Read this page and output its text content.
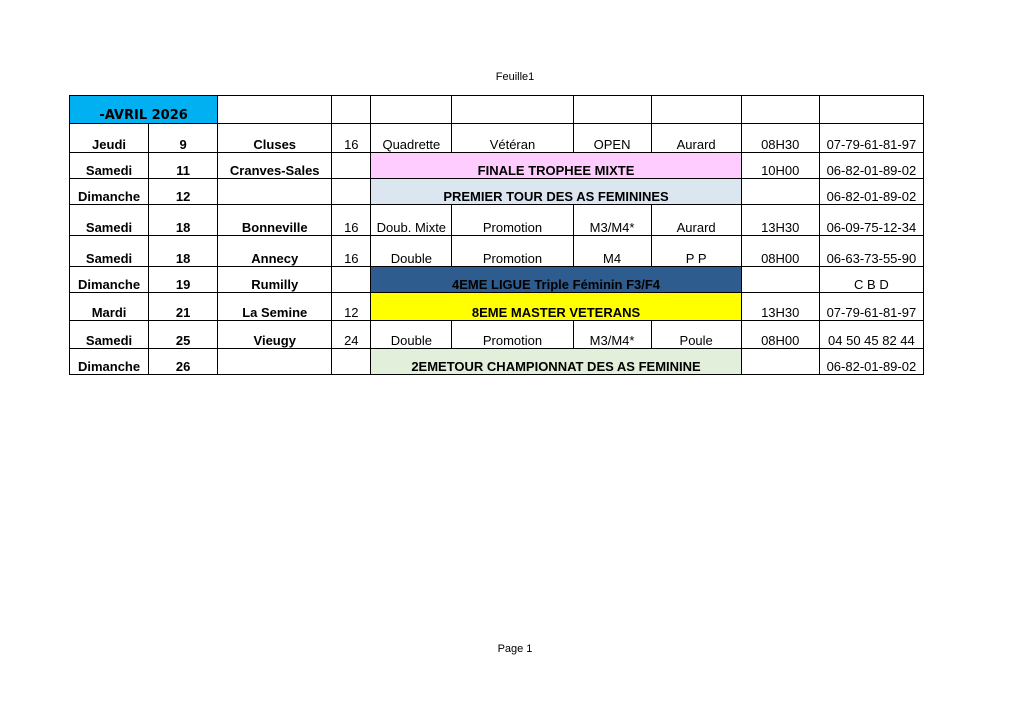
Feuille1
-AVRIL 2026									
Jeudi	9	Cluses	16	Quadrette	Vétéran	OPEN	Aurard	08H30	07-79-61-81-97
Samedi	11	Cranves-Sales		FINALE TROPHEE MIXTE				10H00	06-82-01-89-02
Dimanche	12			PREMIER TOUR DES AS FEMININES					06-82-01-89-02
Samedi	18	Bonneville	16	Doub. Mixte	Promotion	M3/M4*	Aurard	13H30	06-09-75-12-34
Samedi	18	Annecy	16	Double	Promotion	M4	P P	08H00	06-63-73-55-90
Dimanche	19	Rumilly		4EME LIGUE Triple Féminin F3/F4					C B D
Mardi	21	La Semine	12	8EME MASTER VETERANS				13H30	07-79-61-81-97
Samedi	25	Vieugy	24	Double	Promotion	M3/M4*	Poule	08H00	04 50 45 82 44
Dimanche	26			2EMETOUR CHAMPIONNAT DES AS FEMININE					06-82-01-89-02
Page 1
